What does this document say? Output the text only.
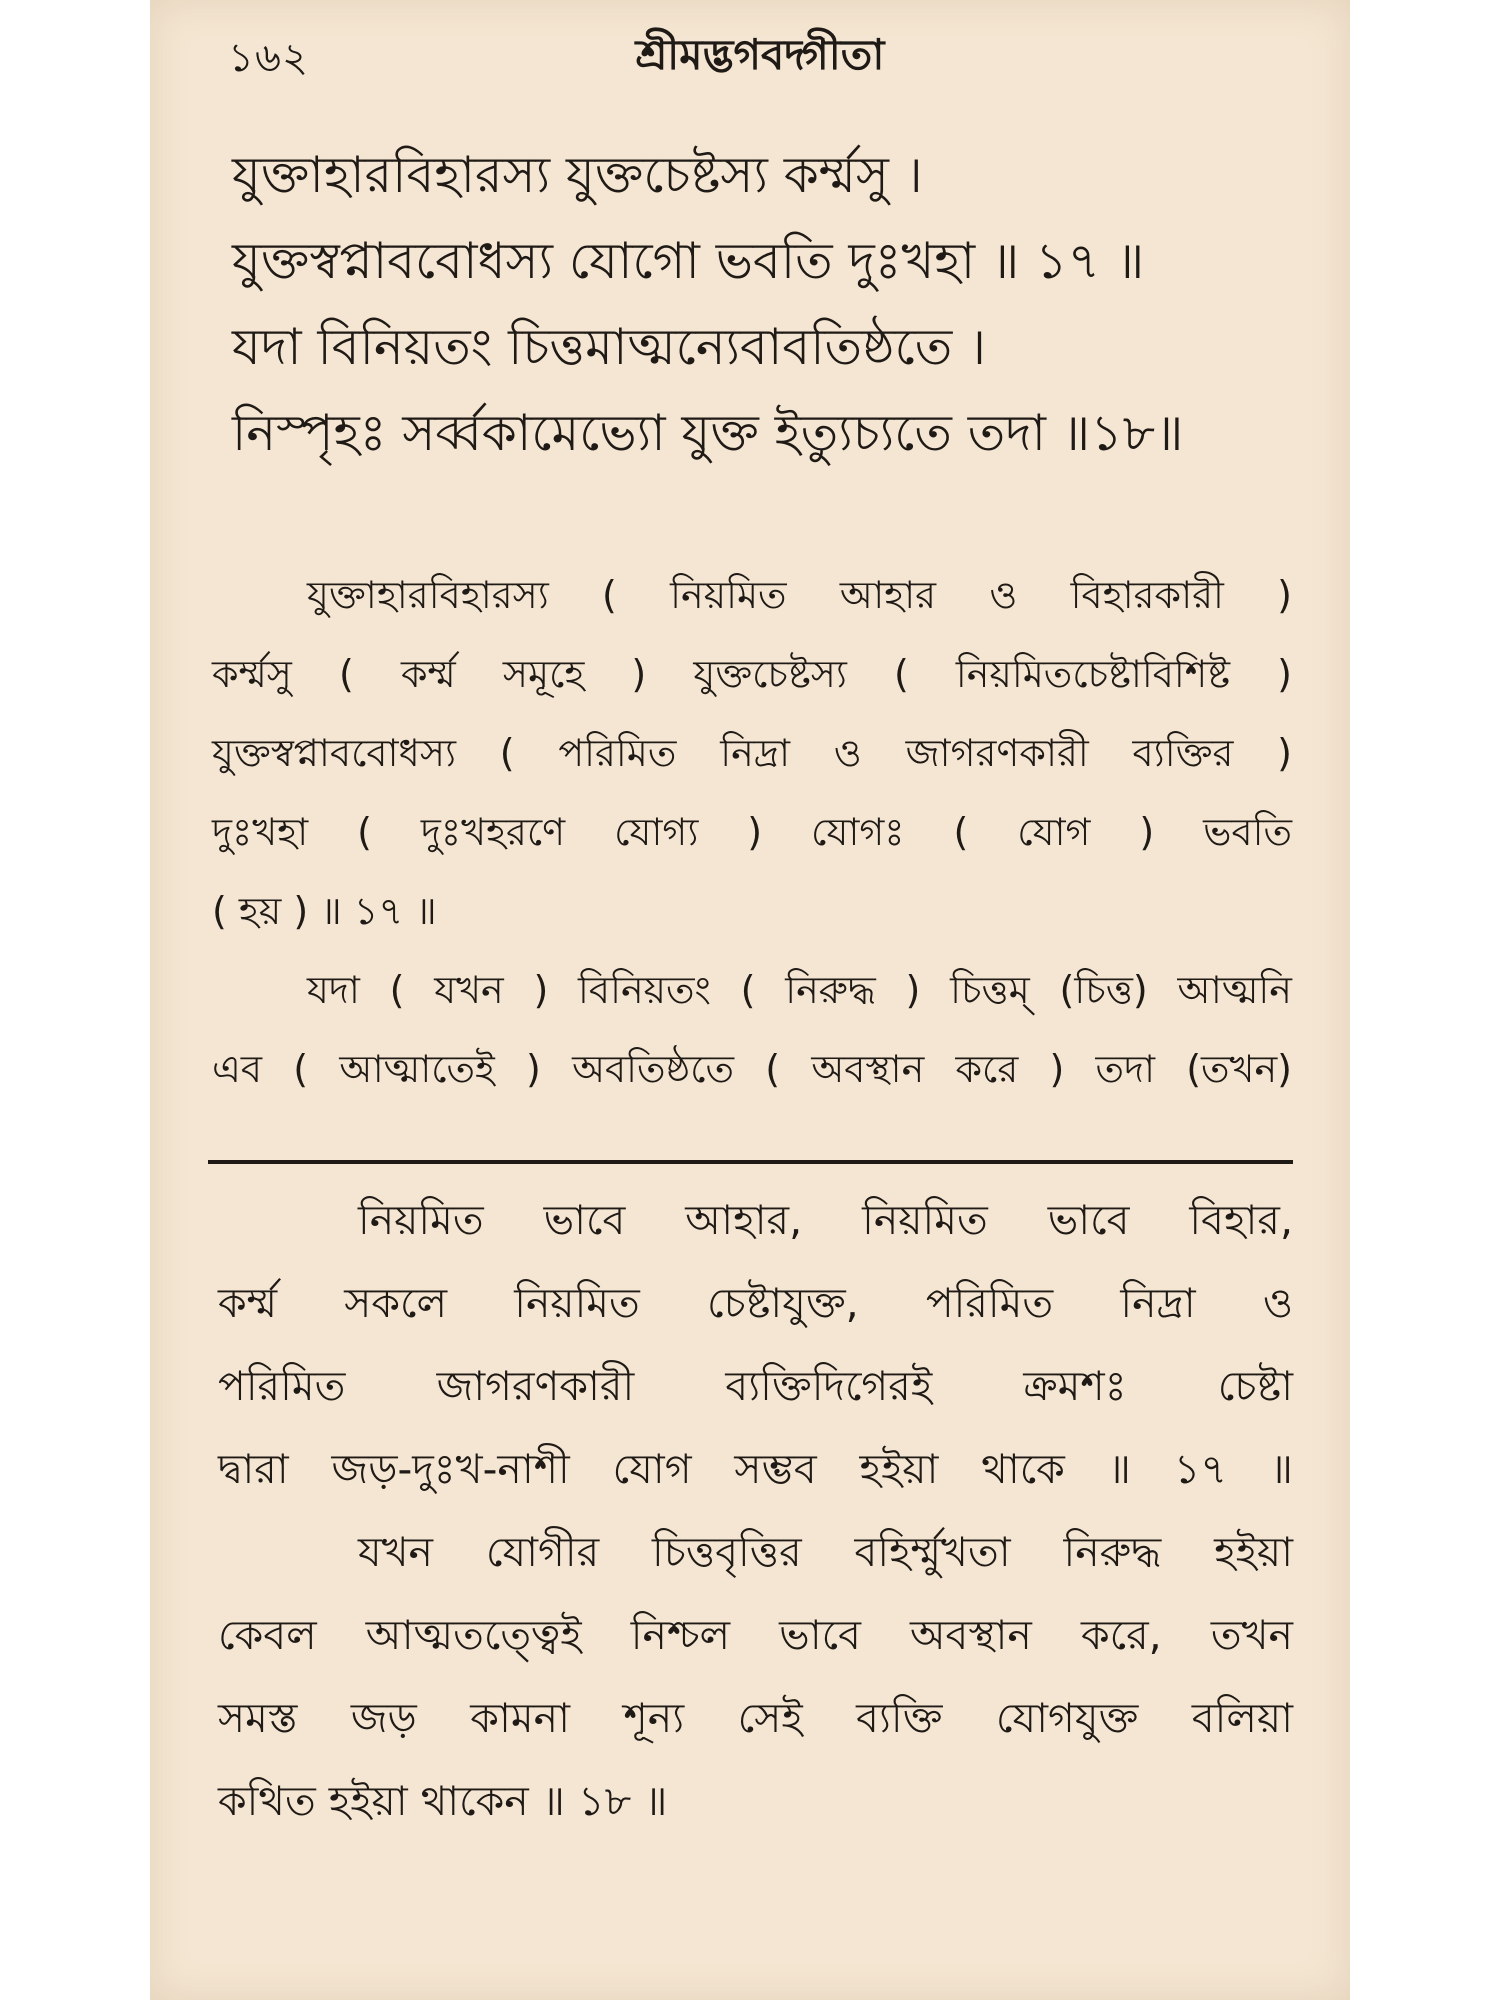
১৬২	শ্রীমদ্ভগবদ্গীতা
যুক্তাহারবিহারস্য যুক্তচেষ্টস্য কর্ম্মসু ।
যুক্তস্বপ্নাববোধস্য যোগো ভবতি দুঃখহা ॥ ১৭ ॥
যদা বিনিয়তং চিত্তমাত্মন্যেবাবতিষ্ঠতে ।
নিস্পৃহঃ সর্ব্বকামেভ্যো যুক্ত ইত্যুচ্যতে তদা ॥১৮॥
যুক্তাহারবিহারস্য ( নিয়মিত আহার ও বিহারকারী )
কর্ম্মসু ( কর্ম্ম সমূহে ) যুক্তচেষ্টস্য ( নিয়মিতচেষ্টাবিশিষ্ট )
যুক্তস্বপ্নাববোধস্য ( পরিমিত নিদ্রা ও জাগরণকারী ব্যক্তির )
দুঃখহা ( দুঃখহরণে যোগ্য ) যোগঃ ( যোগ ) ভবতি
( হয় ) ॥ ১৭ ॥
যদা ( যখন ) বিনিয়তং ( নিরুদ্ধ ) চিত্তম্ (চিত্ত) আত্মনি
এব ( আত্মাতেই ) অবতিষ্ঠতে ( অবস্থান করে ) তদা (তখন)
নিয়মিত ভাবে আহার, নিয়মিত ভাবে বিহার,
কর্ম্ম সকলে নিয়মিত চেষ্টাযুক্ত, পরিমিত নিদ্রা ও
পরিমিত জাগরণকারী ব্যক্তিদিগেরই ক্রমশঃ চেষ্টা
দ্বারা জড়-দুঃখ-নাশী যোগ সম্ভব হইয়া থাকে ॥ ১৭ ॥
যখন যোগীর চিত্তবৃত্তির বহির্ম্মুখতা নিরুদ্ধ হইয়া
কেবল আত্মতত্ত্বেই নিশ্চল ভাবে অবস্থান করে, তখন
সমস্ত জড় কামনা শূন্য সেই ব্যক্তি যোগযুক্ত বলিয়া
কথিত হইয়া থাকেন ॥ ১৮ ॥
